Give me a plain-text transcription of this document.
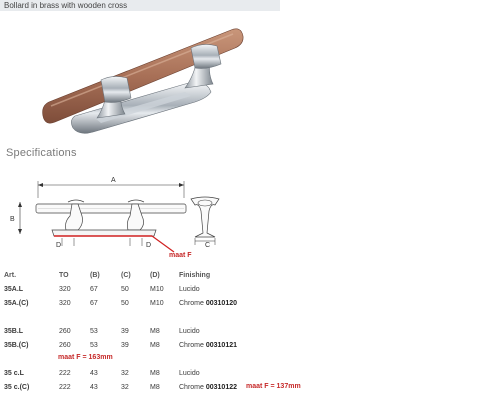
Bollard in brass with wooden cross
Specifications
A
B
D	D	C
maat F
Art.	TO	(B)	(C)	(D)	Finishing
35A.L	320	67	50	M10	Lucido
35A.(C)	320	67	50	M10	Chrome 00310120

35B.L	260	53	39	M8	Lucido
35B.(C)	260	53	39	M8	Chrome 00310121

35 c.L	222	43	32	M8	Lucido
35 c.(C)	222	43	32	M8	Chrome 00310122
maat F = 163mm
maat F = 137mm
